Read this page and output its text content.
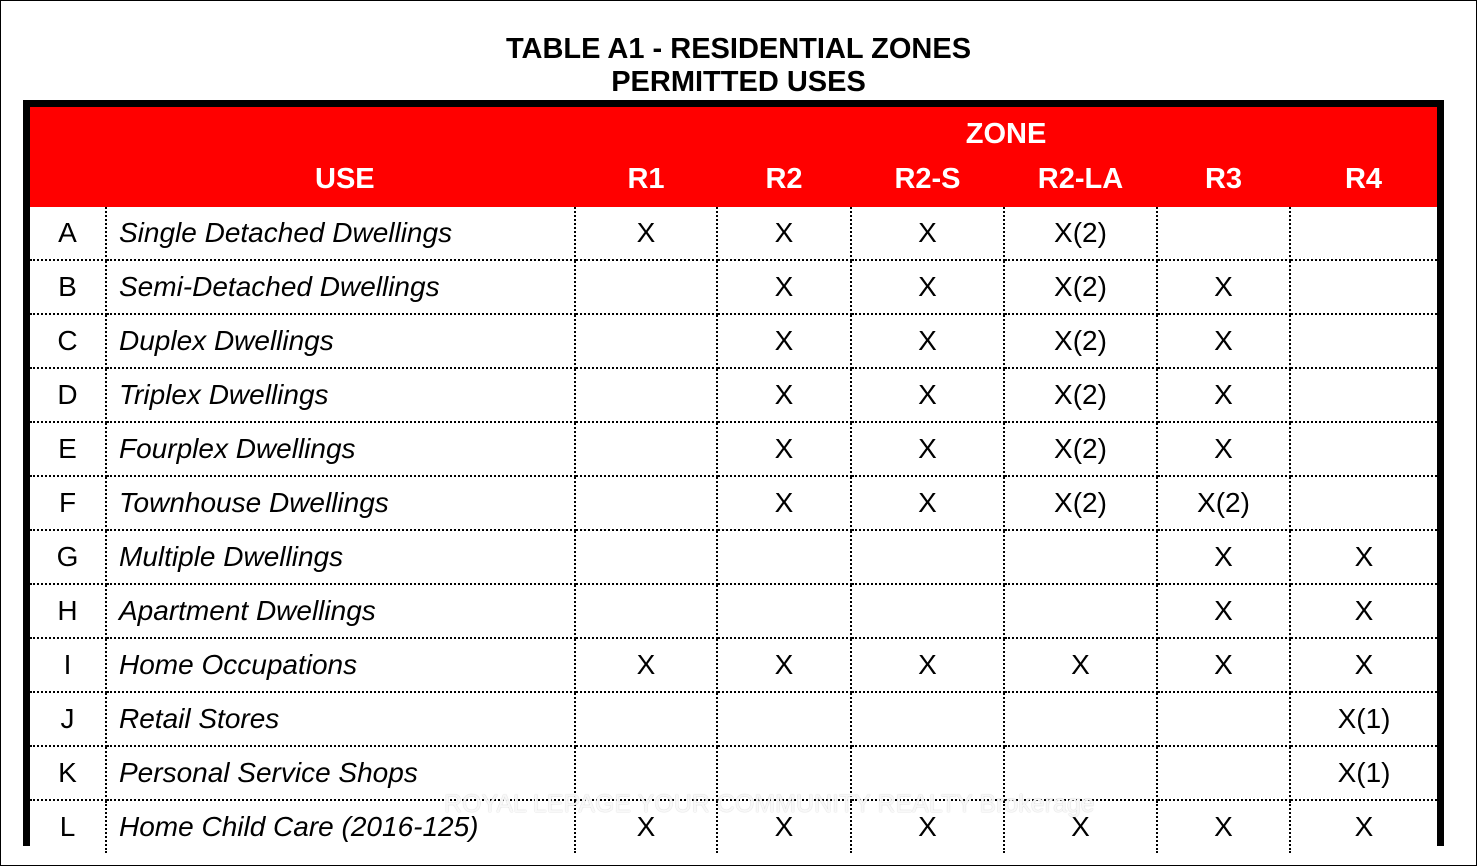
TABLE A1 - RESIDENTIAL ZONES
PERMITTED USES
		ZONE					
	USE	R1	R2	R2-S	R2-LA	R3	R4
A	Single Detached Dwellings	X	X	X	X(2)		
B	Semi-Detached Dwellings		X	X	X(2)	X	
C	Duplex Dwellings		X	X	X(2)	X	
D	Triplex Dwellings		X	X	X(2)	X	
E	Fourplex Dwellings		X	X	X(2)	X	
F	Townhouse Dwellings		X	X	X(2)	X(2)	
G	Multiple Dwellings					X	X
H	Apartment Dwellings					X	X
I	Home Occupations	X	X	X	X	X	X
J	Retail Stores						X(1)
K	Personal Service Shops						X(1)
L	Home Child Care (2016-125)	X	X	X	X	X	X
ROYAL LEPAGE YOUR COMMUNITY REALTY Brokerage
